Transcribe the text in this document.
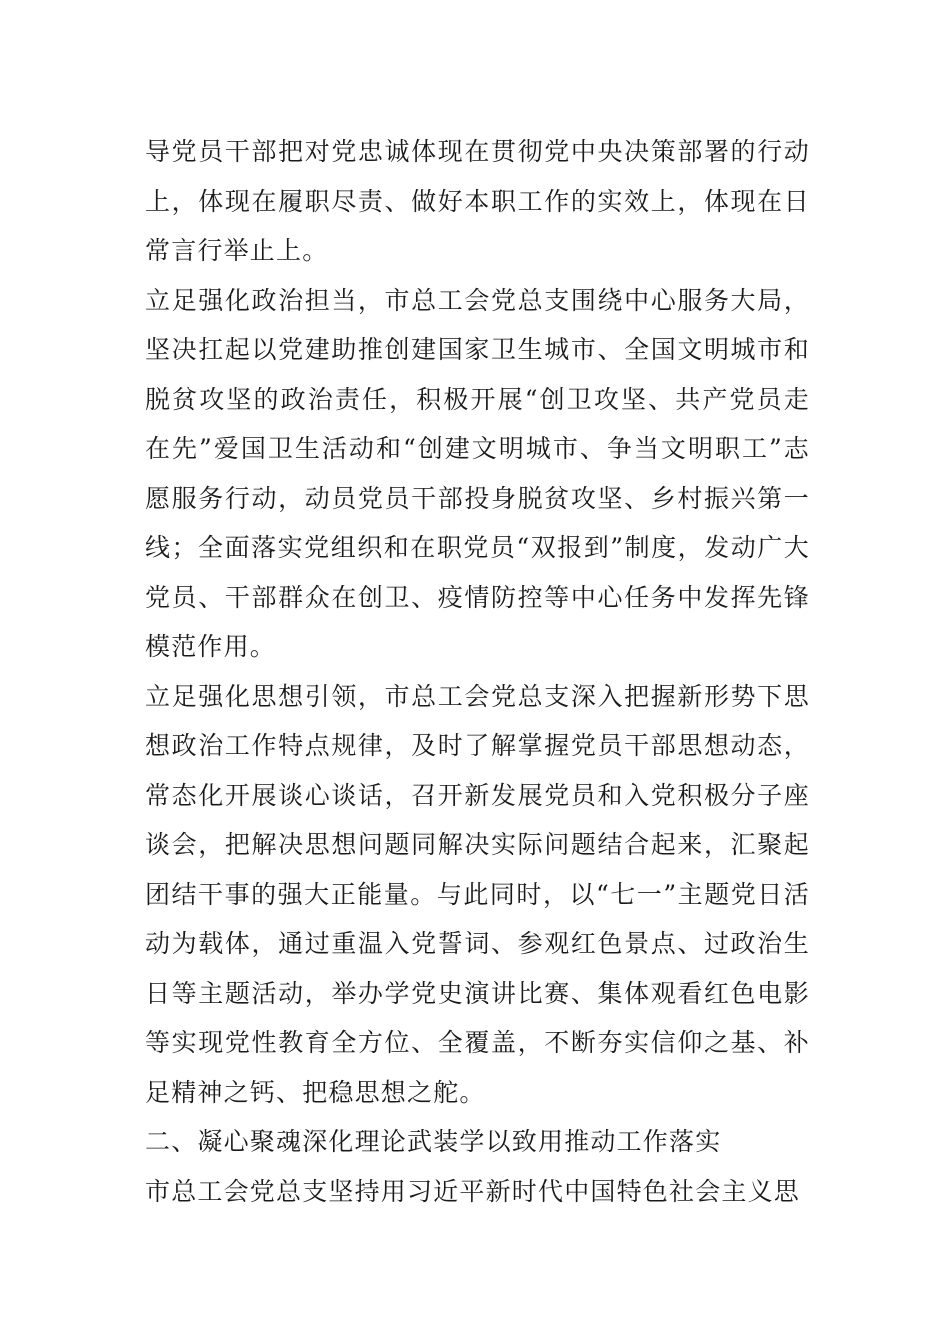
导党员干部把对党忠诚体现在贯彻党中央决策部署的行动上，体现在履职尽责、做好本职工作的实效上，体现在日常言行举止上。

立足强化政治担当，市总工会党总支围绕中心服务大局，坚决扛起以党建助推创建国家卫生城市、全国文明城市和脱贫攻坚的政治责任，积极开展“创卫攻坚、共产党员走在先”爱国卫生活动和“创建文明城市、争当文明职工”志愿服务行动，动员党员干部投身脱贫攻坚、乡村振兴第一线；全面落实党组织和在职党员“双报到”制度，发动广大党员、干部群众在创卫、疫情防控等中心任务中发挥先锋模范作用。

立足强化思想引领，市总工会党总支深入把握新形势下思想政治工作特点规律，及时了解掌握党员干部思想动态，常态化开展谈心谈话，召开新发展党员和入党积极分子座谈会，把解决思想问题同解决实际问题结合起来，汇聚起团结干事的强大正能量。与此同时，以“七一”主题党日活动为载体，通过重温入党誓词、参观红色景点、过政治生日等主题活动，举办学党史演讲比赛、集体观看红色电影等实现党性教育全方位、全覆盖，不断夯实信仰之基、补足精神之钙、把稳思想之舵。

二、凝心聚魂深化理论武装学以致用推动工作落实

市总工会党总支坚持用习近平新时代中国特色社会主义思
